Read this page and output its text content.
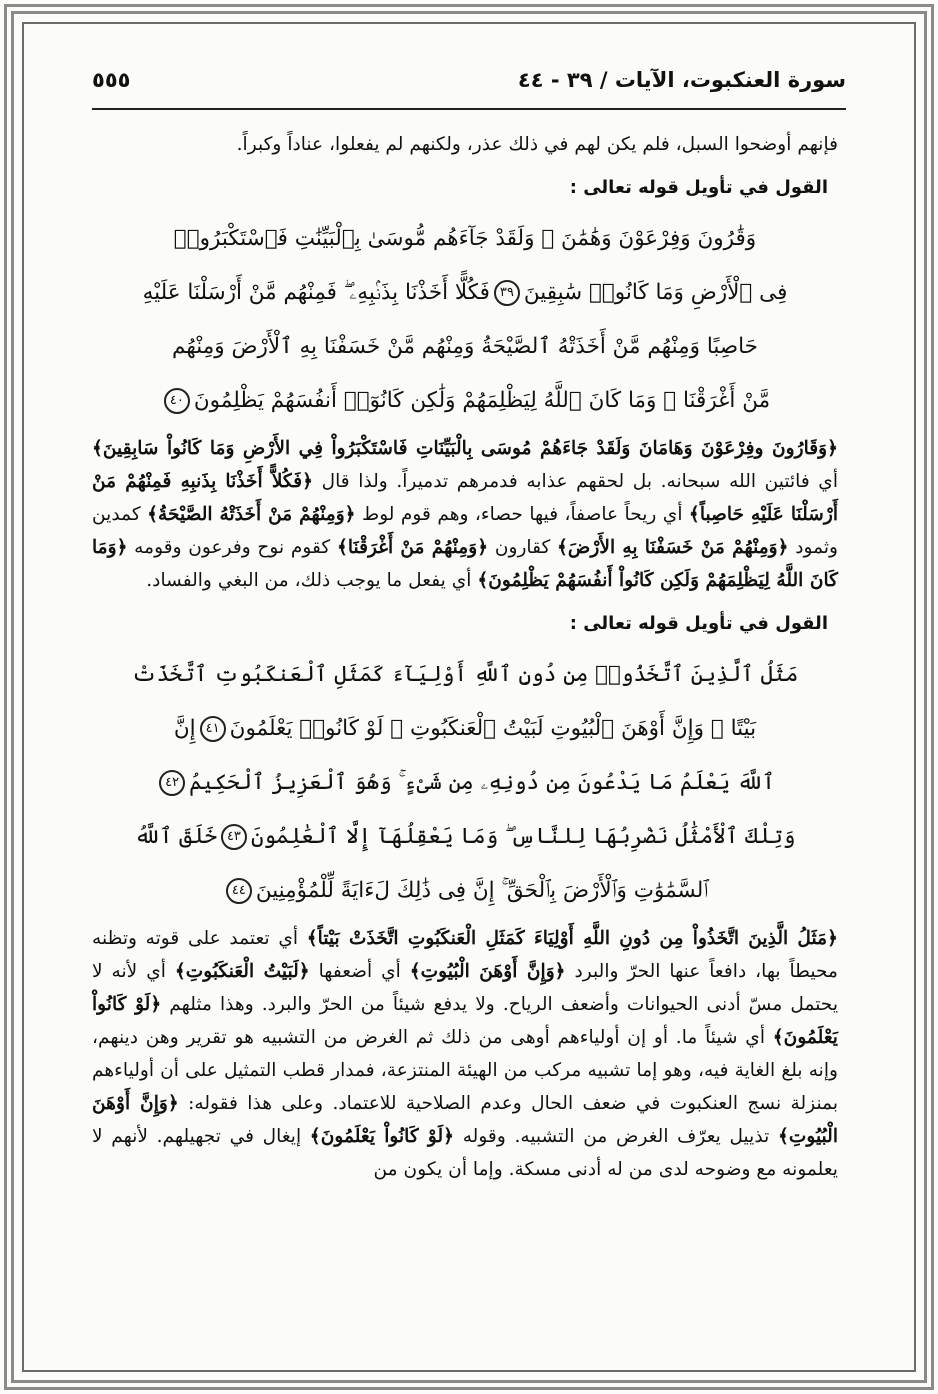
سورة العنكبوت، الآيات / ٣٩ - ٤٤
٥٥٥

فإنهم أوضحوا السبل، فلم يكن لهم في ذلك عذر، ولكنهم لم يفعلوا، عناداً وكبراً.

القول في تأويل قوله تعالى :

وَقَٰرُونَ وَفِرْعَوْنَ وَهَٰمَٰنَ ۖ وَلَقَدْ جَآءَهُم مُّوسَىٰ بِٱلْبَيِّنَٰتِ فَٱسْتَكْبَرُوا۟
فِى ٱلْأَرْضِ وَمَا كَانُوا۟ سَٰبِقِينَ٣٩فَكُلًّا أَخَذْنَا بِذَنۢبِهِۦ ۖ فَمِنْهُم مَّنْ أَرْسَلْنَا عَلَيْهِ
حَاصِبًا وَمِنْهُم مَّنْ أَخَذَتْهُ ٱلصَّيْحَةُ وَمِنْهُم مَّنْ خَسَفْنَا بِهِ ٱلْأَرْضَ وَمِنْهُم
مَّنْ أَغْرَقْنَا ۚ وَمَا كَانَ ٱللَّهُ لِيَظْلِمَهُمْ وَلَٰكِن كَانُوٓا۟ أَنفُسَهُمْ يَظْلِمُونَ٤٠

﴿وَقَارُونَ وفِرْعَوْنَ وَهَامَانَ وَلَقَدْ جَاءَهُمْ مُوسَى بِالْبَيِّنَاتِ فَاسْتَكْبَرُواْ فِي الأَرْضِ وَمَا كَانُواْ سَابِقِينَ﴾ أي فائتين الله سبحانه. بل لحقهم عذابه فدمرهم تدميراً. ولذا قال ﴿فَكُلاًّ أَخَذْنَا بِذَنبِهِ فَمِنْهُمْ مَنْ أَرْسَلْنَا عَلَيْهِ حَاصِباً﴾ أي ريحاً عاصفاً، فيها حصاء، وهم قوم لوط ﴿وَمِنْهُمْ مَنْ أَخَذَتْهُ الصَّيْحَةُ﴾ كمدين وثمود ﴿وَمِنْهُمْ مَنْ خَسَفْنَا بِهِ الأَرْضَ﴾ كقارون ﴿وَمِنْهُمْ مَنْ أَغْرَقْنَا﴾ كقوم نوح وفرعون وقومه ﴿وَمَا كَانَ اللَّهُ لِيَظْلِمَهُمْ وَلَكِن كَانُواْ أَنفُسَهُمْ يَظْلِمُونَ﴾ أي يفعل ما يوجب ذلك، من البغي والفساد.

القول في تأويل قوله تعالى :

مَثَلُ ٱلَّذِينَ ٱتَّخَذُوا۟ مِن دُونِ ٱللَّهِ أَوْلِيَآءَ كَمَثَلِ ٱلْعَنكَبُوتِ ٱتَّخَذَتْ
بَيْتًا ۖ وَإِنَّ أَوْهَنَ ٱلْبُيُوتِ لَبَيْتُ ٱلْعَنكَبُوتِ ۖ لَوْ كَانُوا۟ يَعْلَمُونَ٤١إِنَّ
ٱللَّهَ يَعْلَمُ مَا يَدْعُونَ مِن دُونِهِۦ مِن شَىْءٍ ۚ وَهُوَ ٱلْعَزِيزُ ٱلْحَكِيمُ٤٢
وَتِلْكَ ٱلْأَمْثَٰلُ نَضْرِبُهَا لِلنَّاسِ ۖ وَمَا يَعْقِلُهَآ إِلَّا ٱلْعَٰلِمُونَ٤٣خَلَقَ ٱللَّهُ
ٱلسَّمَٰوَٰتِ وَٱلْأَرْضَ بِٱلْحَقِّ ۚ إِنَّ فِى ذَٰلِكَ لَءَايَةً لِّلْمُؤْمِنِينَ٤٤

﴿مَثَلُ الَّذِينَ اتَّخَذُواْ مِن دُونِ اللَّهِ أَوْلِيَاءَ كَمَثَلِ الْعَنكَبُوتِ اتَّخَذَتْ بَيْتاً﴾ أي تعتمد على قوته وتظنه محيطاً بها، دافعاً عنها الحرّ والبرد ﴿وَإِنَّ أَوْهَنَ الْبُيُوتِ﴾ أي أضعفها ﴿لَبَيْتُ الْعَنكَبُوتِ﴾ أي لأنه لا يحتمل مسّ أدنى الحيوانات وأضعف الرياح. ولا يدفع شيئاً من الحرّ والبرد. وهذا مثلهم ﴿لَوْ كَانُواْ يَعْلَمُونَ﴾ أي شيئاً ما. أو إن أولياءهم أوهى من ذلك ثم الغرض من التشبيه هو تقرير وهن دينهم، وإنه بلغ الغاية فيه، وهو إما تشبيه مركب من الهيئة المنتزعة، فمدار قطب التمثيل على أن أولياءهم بمنزلة نسج العنكبوت في ضعف الحال وعدم الصلاحية للاعتماد. وعلى هذا فقوله: ﴿وَإِنَّ أَوْهَنَ الْبُيُوتِ﴾ تذييل يعرّف الغرض من التشبيه. وقوله ﴿لَوْ كَانُواْ يَعْلَمُونَ﴾ إيغال في تجهيلهم. لأنهم لا يعلمونه مع وضوحه لدى من له أدنى مسكة. وإما أن يكون من
